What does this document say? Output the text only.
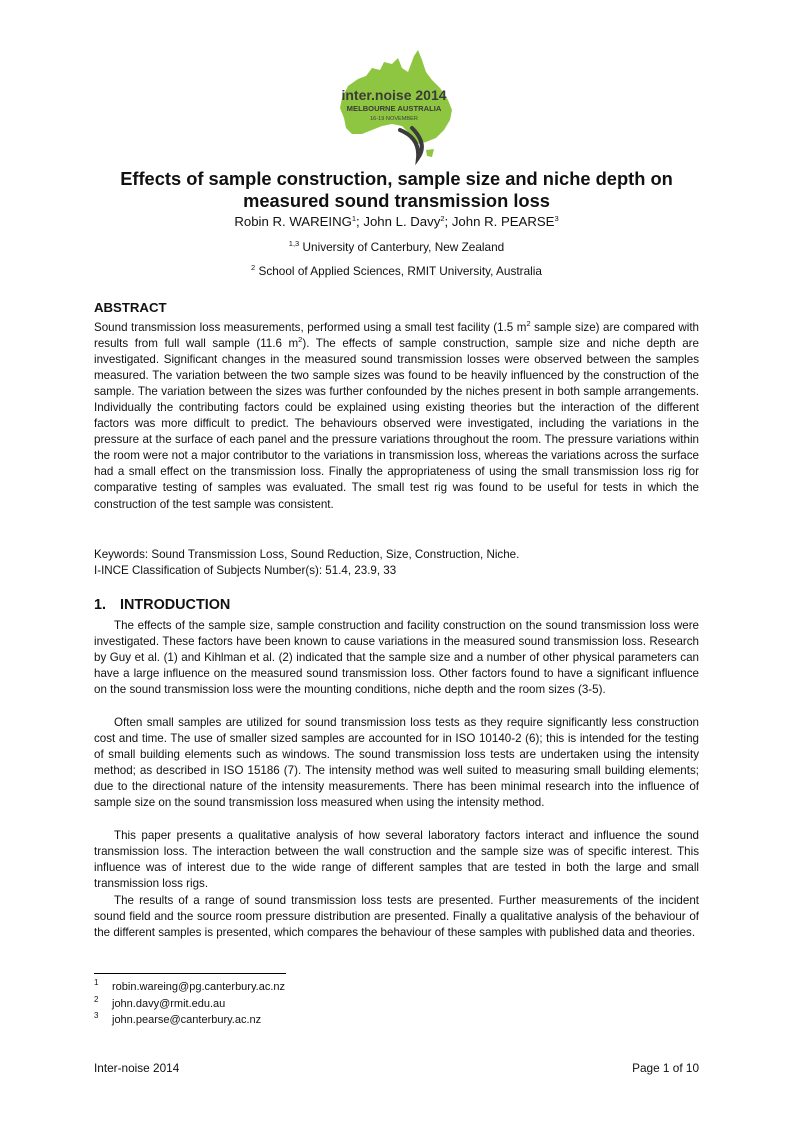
inter.noise 2014
MELBOURNE AUSTRALIA
16-19 NOVEMBER
Effects of sample construction, sample size and niche depth on
measured sound transmission loss
Robin R. WAREING$^1$; John L. Davy$^2$; John R. PEARSE$^3$
$^{1,3}$ University of Canterbury, New Zealand
$^2$ School of Applied Sciences, RMIT University, Australia
ABSTRACT

Sound transmission loss measurements, performed using a small test facility (1.5 $m^2$ sample size) are compared with results from full wall sample (11.6 $m^2$). The effects of sample construction, sample size and niche depth are investigated. Significant changes in the measured sound transmission losses were observed between the samples measured. The variation between the two sample sizes was found to be heavily influenced by the construction of the sample. The variation between the sizes was further confounded by the niches present in both sample arrangements. Individually the contributing factors could be explained using existing theories but the interaction of the different factors was more difficult to predict. The behaviours observed were investigated, including the variations in the pressure at the surface of each panel and the pressure variations throughout the room. The pressure variations within the room were not a major contributor to the variations in transmission loss, whereas the variations across the surface had a small effect on the transmission loss. Finally the appropriateness of using the small transmission loss rig for comparative testing of samples was evaluated. The small test rig was found to be useful for tests in which the construction of the test sample was consistent.

Keywords: Sound Transmission Loss, Sound Reduction, Size, Construction, Niche.
I-INCE Classification of Subjects Number(s): 51.4, 23.9, 33
1. INTRODUCTION

The effects of the sample size, sample construction and facility construction on the sound transmission loss were investigated. These factors have been known to cause variations in the measured sound transmission loss. Research by Guy et al. (1) and Kihlman et al. (2) indicated that the sample size and a number of other physical parameters can have a large influence on the measured sound transmission loss. Other factors found to have a significant influence on the sound transmission loss were the mounting conditions, niche depth and the room sizes (3-5).

Often small samples are utilized for sound transmission loss tests as they require significantly less construction cost and time. The use of smaller sized samples are accounted for in ISO 10140-2 (6); this is intended for the testing of small building elements such as windows. The sound transmission loss tests are undertaken using the intensity method; as described in ISO 15186 (7). The intensity method was well suited to measuring small building elements; due to the directional nature of the intensity measurements. There has been minimal research into the influence of sample size on the sound transmission loss measured when using the intensity method.

This paper presents a qualitative analysis of how several laboratory factors interact and influence the sound transmission loss. The interaction between the wall construction and the sample size was of specific interest. This influence was of interest due to the wide range of different samples that are tested in both the large and small transmission loss rigs.

The results of a range of sound transmission loss tests are presented. Further measurements of the incident sound field and the source room pressure distribution are presented. Finally a qualitative analysis of the behaviour of the different samples is presented, which compares the behaviour of these samples with published data and theories.

1 robin.wareing@pg.canterbury.ac.nz
2 john.davy@rmit.edu.au
3 john.pearse@canterbury.ac.nz
Inter-noise 2014	Page 1 of 10
